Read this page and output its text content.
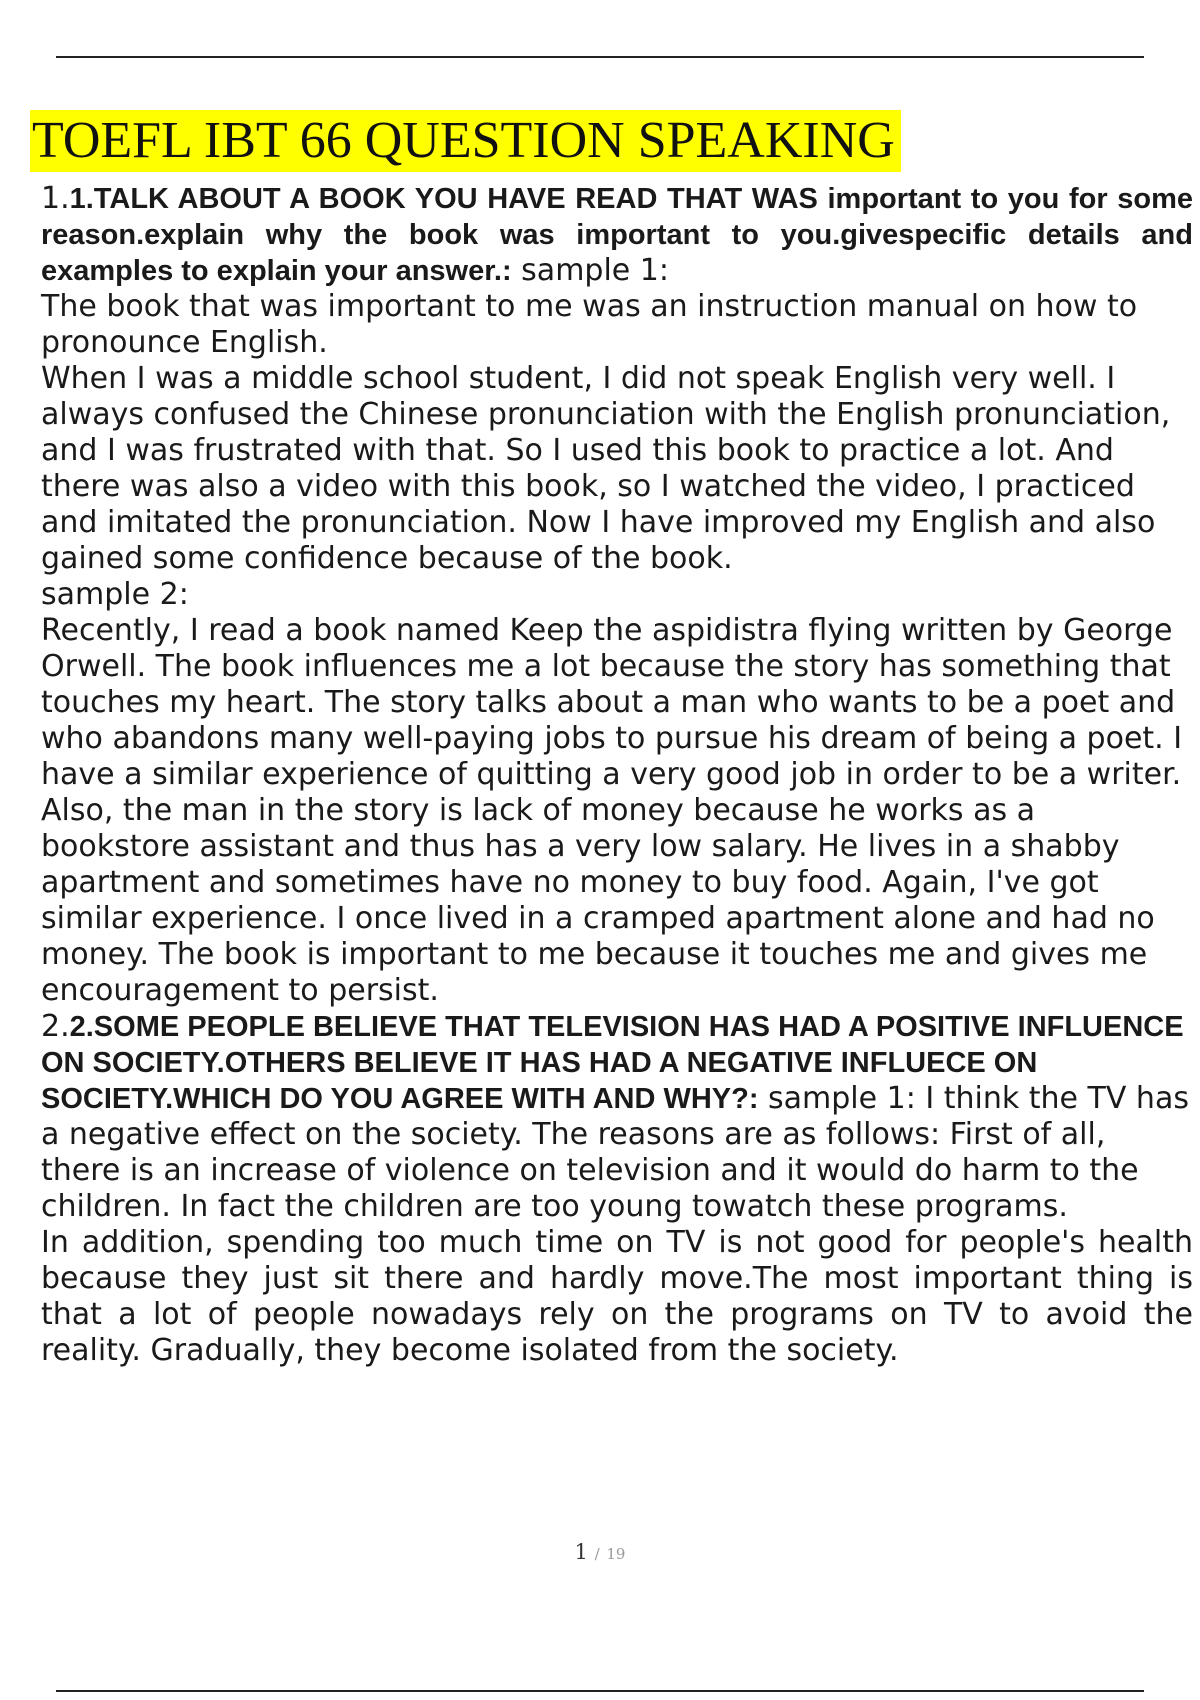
TOEFL IBT 66 QUESTION SPEAKING

1.1.TALK ABOUT A BOOK YOU HAVE READ THAT WAS important to you for some reason.explain why the book was important to you.givespecific details and examples to explain your answer.: sample 1:

The book that was important to me was an instruction manual on how to pronounce English.

When I was a middle school student, I did not speak English very well. I always confused the Chinese pronunciation with the English pronunciation, and I was frustrated with that. So I used this book to practice a lot. And there was also a video with this book, so I watched the video, I practiced and imitated the pronunciation. Now I have improved my English and also gained some confidence because of the book.

sample 2:

Recently, I read a book named Keep the aspidistra flying written by George Orwell. The book influences me a lot because the story has something that touches my heart. The story talks about a man who wants to be a poet and who abandons many well-paying jobs to pursue his dream of being a poet. I have a similar experience of quitting a very good job in order to be a writer. Also, the man in the story is lack of money because he works as a bookstore assistant and thus has a very low salary. He lives in a shabby apartment and sometimes have no money to buy food. Again, I've got similar experience. I once lived in a cramped apartment alone and had no money. The book is important to me because it touches me and gives me encouragement to persist.

2.2.SOME PEOPLE BELIEVE THAT TELEVISION HAS HAD A POSITIVE INFLUENCE ON SOCIETY.OTHERS BELIEVE IT HAS HAD A NEGATIVE INFLUECE ON SOCIETY.WHICH DO YOU AGREE WITH AND WHY?: sample 1: I think the TV has a negative effect on the society. The reasons are as follows: First of all, there is an increase of violence on television and it would do harm to the children. In fact the children are too young towatch these programs.

In addition, spending too much time on TV is not good for people's health because they just sit there and hardly move.The most important thing is that a lot of people nowadays rely on the programs on TV to avoid the reality. Gradually, they become isolated from the society.

1 / 19
